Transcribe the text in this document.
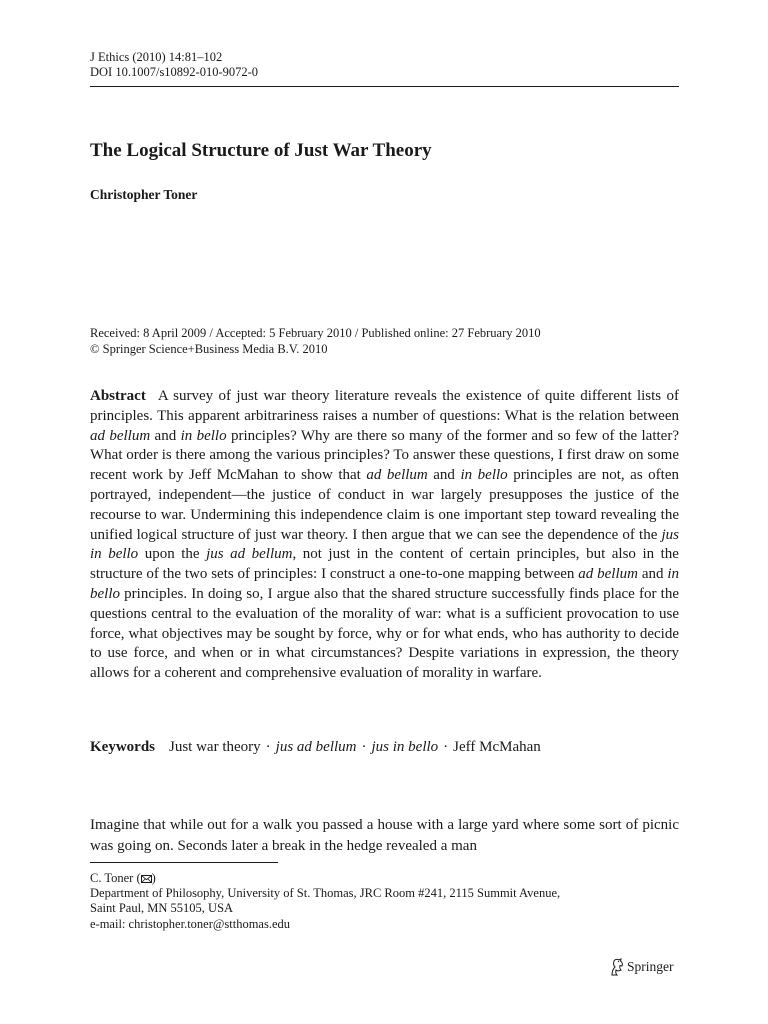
J Ethics (2010) 14:81–102
DOI 10.1007/s10892-010-9072-0
The Logical Structure of Just War Theory
Christopher Toner
Received: 8 April 2009 / Accepted: 5 February 2010 / Published online: 27 February 2010
© Springer Science+Business Media B.V. 2010

Abstract A survey of just war theory literature reveals the existence of quite different lists of principles. This apparent arbitrariness raises a number of questions: What is the relation between ad bellum and in bello principles? Why are there so many of the former and so few of the latter? What order is there among the various principles? To answer these questions, I first draw on some recent work by Jeff McMahan to show that ad bellum and in bello principles are not, as often portrayed, independent—the justice of conduct in war largely presupposes the justice of the recourse to war. Undermining this independence claim is one important step toward revealing the unified logical structure of just war theory. I then argue that we can see the dependence of the jus in bello upon the jus ad bellum, not just in the content of certain principles, but also in the structure of the two sets of principles: I construct a one-to-one mapping between ad bellum and in bello principles. In doing so, I argue also that the shared structure successfully finds place for the questions central to the evaluation of the morality of war: what is a sufficient provocation to use force, what objectives may be sought by force, why or for what ends, who has authority to decide to use force, and when or in what circumstances? Despite variations in expression, the theory allows for a coherent and comprehensive evaluation of morality in warfare.

Keywords Just war theory · jus ad bellum · jus in bello · Jeff McMahan

Imagine that while out for a walk you passed a house with a large yard where some sort of picnic was going on. Seconds later a break in the hedge revealed a man

C. Toner ( )
Department of Philosophy, University of St. Thomas, JRC Room #241, 2115 Summit Avenue,
Saint Paul, MN 55105, USA
e-mail: christopher.toner@stthomas.edu
Springer
